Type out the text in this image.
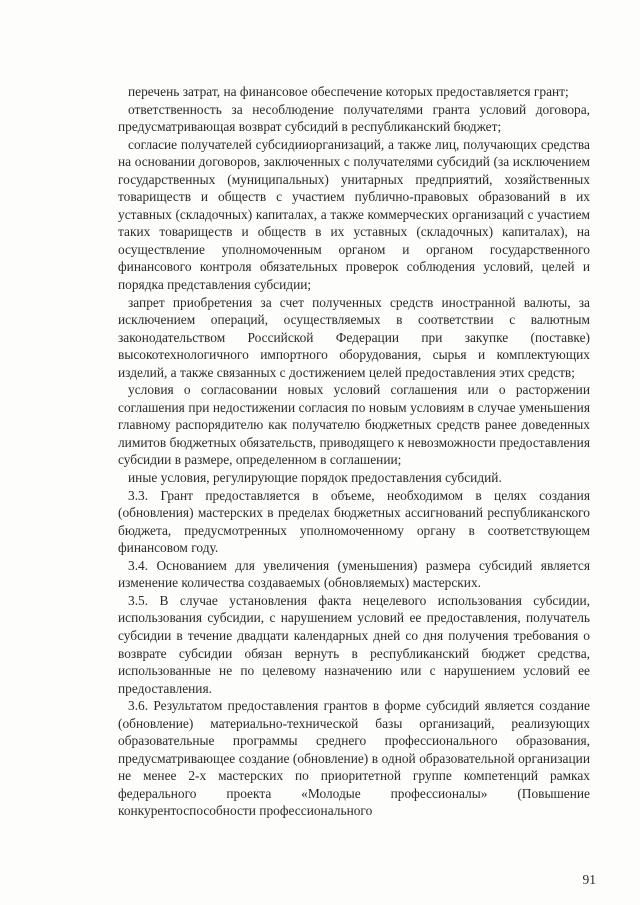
перечень затрат, на финансовое обеспечение которых предоставляется грант;

ответственность за несоблюдение получателями гранта условий договора, предусматривающая возврат субсидий в республиканский бюджет;

согласие получателей субсидииорганизаций, а также лиц, получающих средства на основании договоров, заключенных с получателями субсидий (за исключением государственных (муниципальных) унитарных предприятий, хозяйственных товариществ и обществ с участием публично-правовых образований в их уставных (складочных) капиталах, а также коммерческих организаций с участием таких товариществ и обществ в их уставных (складочных) капиталах), на осуществление уполномоченным органом и органом государственного финансового контроля обязательных проверок соблюдения условий, целей и порядка представления субсидии;

запрет приобретения за счет полученных средств иностранной валюты, за исключением операций, осуществляемых в соответствии с валютным законодательством Российской Федерации при закупке (поставке) высокотехнологичного импортного оборудования, сырья и комплектующих изделий, а также связанных с достижением целей предоставления этих средств;

условия о согласовании новых условий соглашения или о расторжении соглашения при недостижении согласия по новым условиям в случае уменьшения главному распорядителю как получателю бюджетных средств ранее доведенных лимитов бюджетных обязательств, приводящего к невозможности предоставления субсидии в размере, определенном в соглашении;

иные условия, регулирующие порядок предоставления субсидий.

3.3. Грант предоставляется в объеме, необходимом в целях создания (обновления) мастерских в пределах бюджетных ассигнований республиканского бюджета, предусмотренных уполномоченному органу в соответствующем финансовом году.

3.4. Основанием для увеличения (уменьшения) размера субсидий является изменение количества создаваемых (обновляемых) мастерских.

3.5. В случае установления факта нецелевого использования субсидии, использования субсидии, с нарушением условий ее предоставления, получатель субсидии в течение двадцати календарных дней со дня получения требования о возврате субсидии обязан вернуть в республиканский бюджет средства, использованные не по целевому назначению или с нарушением условий ее предоставления.

3.6. Результатом предоставления грантов в форме субсидий является создание (обновление) материально-технической базы организаций, реализующих образовательные программы среднего профессионального образования, предусматривающее создание (обновление) в одной образовательной организации не менее 2-х мастерских по приоритетной группе компетенций рамках федерального проекта «Молодые профессионалы» (Повышение конкурентоспособности профессионального

91
